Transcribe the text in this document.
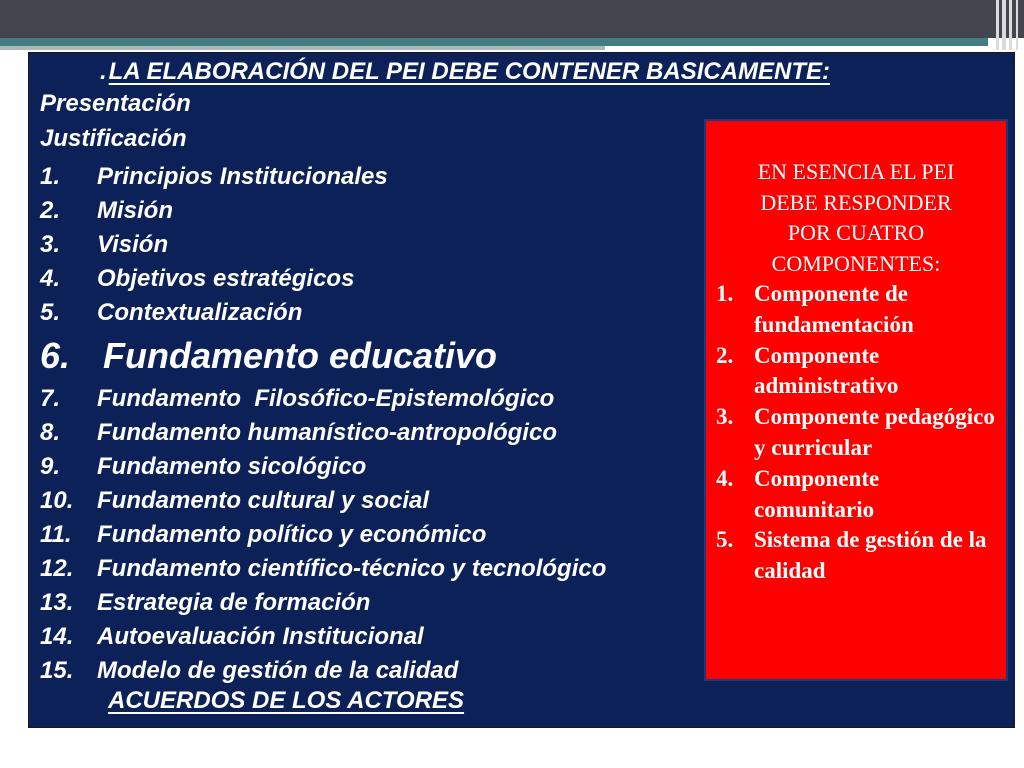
.LA ELABORACIÓN DEL PEI DEBE CONTENER BASICAMENTE:
Presentación
Justificación
1. Principios Institucionales
2. Misión
3. Visión
4. Objetivos estratégicos
5. Contextualización
6. Fundamento educativo
7. Fundamento  Filosófico-Epistemológico
8. Fundamento humanístico-antropológico
9. Fundamento sicológico
10. Fundamento cultural y social
11. Fundamento político y económico
12. Fundamento científico-técnico y tecnológico
13. Estrategia de formación
14. Autoevaluación Institucional
15. Modelo de gestión de la calidad
ACUERDOS DE LOS ACTORES
EN ESENCIA EL PEI
DEBE RESPONDER
POR CUATRO
COMPONENTES:
1. Componente de fundamentación
2. Componente administrativo
3. Componente pedagógico y curricular
4. Componente comunitario
5. Sistema de gestión de la calidad
